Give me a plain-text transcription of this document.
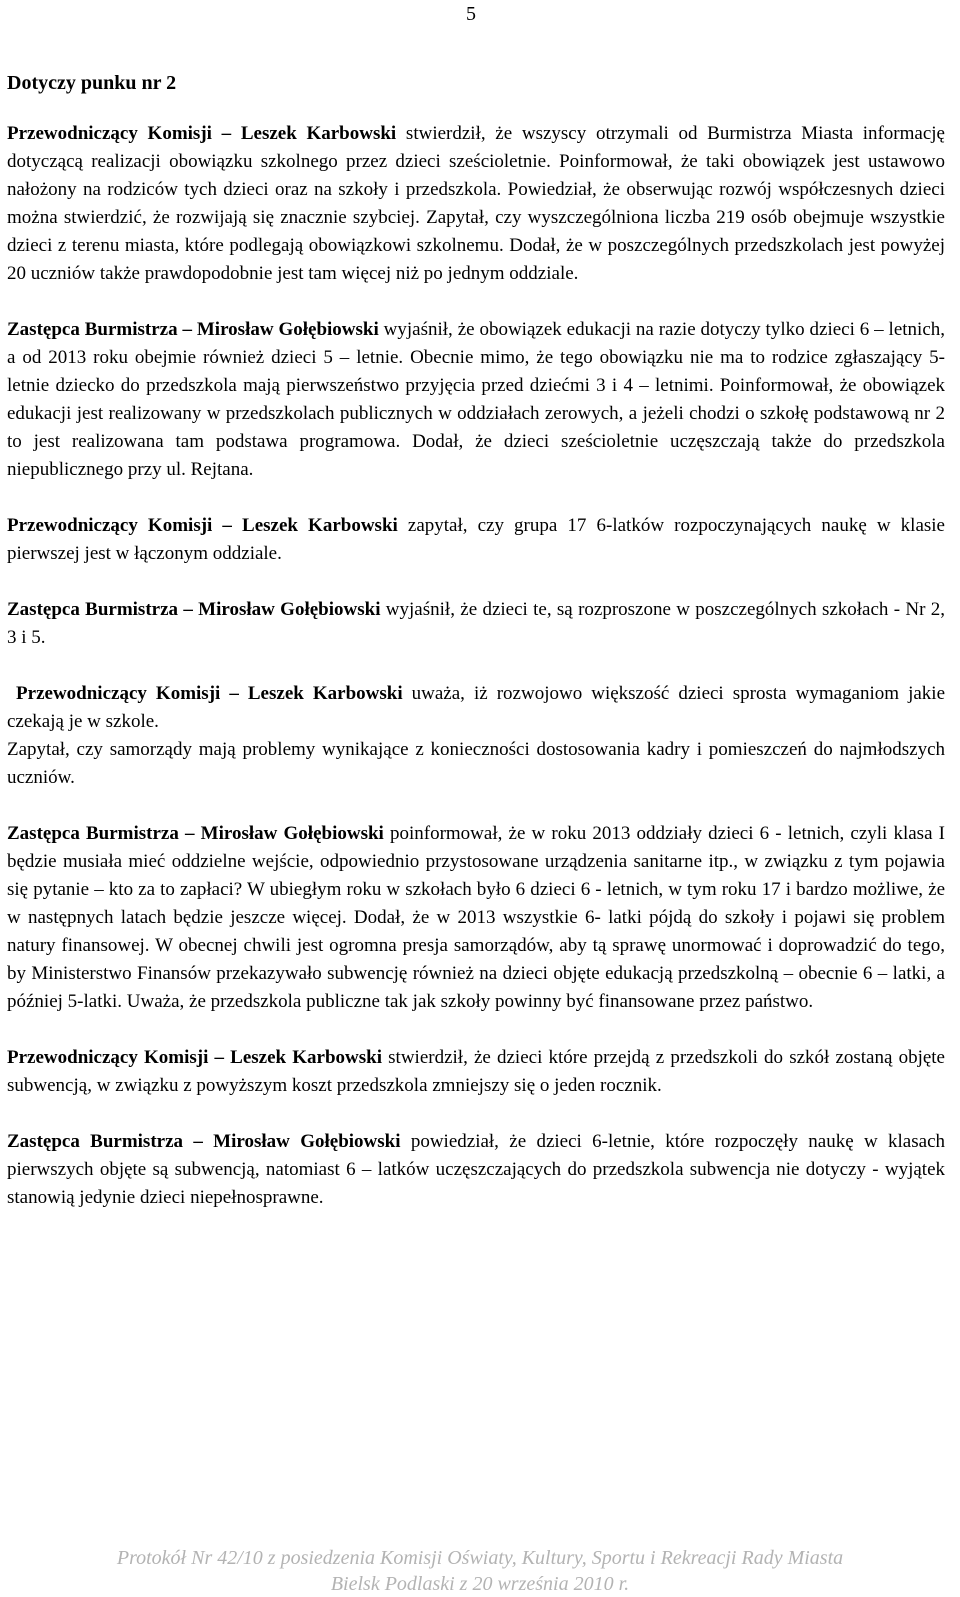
5
Dotyczy punku nr 2

Przewodniczący Komisji – Leszek Karbowski stwierdził, że wszyscy otrzymali od Burmistrza Miasta informację dotyczącą realizacji obowiązku szkolnego przez dzieci sześcioletnie. Poinformował, że taki obowiązek jest ustawowo nałożony na rodziców tych dzieci oraz na szkoły i przedszkola. Powiedział, że obserwując rozwój współczesnych dzieci można stwierdzić, że rozwijają się znacznie szybciej. Zapytał, czy wyszczególniona liczba 219 osób obejmuje wszystkie dzieci z terenu miasta, które podlegają obowiązkowi szkolnemu. Dodał, że w poszczególnych przedszkolach jest powyżej 20 uczniów także prawdopodobnie jest tam więcej niż po jednym oddziale.

Zastępca Burmistrza – Mirosław Gołębiowski wyjaśnił, że obowiązek edukacji na razie dotyczy tylko dzieci 6 – letnich, a od 2013 roku obejmie również dzieci 5 – letnie. Obecnie mimo, że tego obowiązku nie ma to rodzice zgłaszający 5- letnie dziecko do przedszkola mają pierwszeństwo przyjęcia przed dziećmi 3 i 4 – letnimi. Poinformował, że obowiązek edukacji jest realizowany w przedszkolach publicznych w oddziałach zerowych, a jeżeli chodzi o szkołę podstawową nr 2 to jest realizowana tam podstawa programowa. Dodał, że dzieci sześcioletnie uczęszczają także do przedszkola niepublicznego przy ul. Rejtana.

Przewodniczący Komisji – Leszek Karbowski zapytał, czy grupa 17 6-latków rozpoczynających naukę w klasie pierwszej jest w łączonym oddziale.

Zastępca Burmistrza – Mirosław Gołębiowski wyjaśnił, że dzieci te, są rozproszone w poszczególnych szkołach - Nr 2, 3 i 5.

Przewodniczący Komisji – Leszek Karbowski uważa, iż rozwojowo większość dzieci sprosta wymaganiom jakie czekają je w szkole.

Zapytał, czy samorządy mają problemy wynikające z konieczności dostosowania kadry i pomieszczeń do najmłodszych uczniów.

Zastępca Burmistrza – Mirosław Gołębiowski poinformował, że w roku 2013 oddziały dzieci 6 - letnich, czyli klasa I będzie musiała mieć oddzielne wejście, odpowiednio przystosowane urządzenia sanitarne itp., w związku z tym pojawia się pytanie – kto za to zapłaci? W ubiegłym roku w szkołach było 6 dzieci 6 - letnich, w tym roku 17 i bardzo możliwe, że w następnych latach będzie jeszcze więcej. Dodał, że w 2013 wszystkie 6- latki pójdą do szkoły i pojawi się problem natury finansowej. W obecnej chwili jest ogromna presja samorządów, aby tą sprawę unormować i doprowadzić do tego, by Ministerstwo Finansów przekazywało subwencję również na dzieci objęte edukacją przedszkolną – obecnie 6 – latki, a później 5-latki. Uważa, że przedszkola publiczne tak jak szkoły powinny być finansowane przez państwo.

Przewodniczący Komisji – Leszek Karbowski stwierdził, że dzieci które przejdą z przedszkoli do szkół zostaną objęte subwencją, w związku z powyższym koszt przedszkola zmniejszy się o jeden rocznik.

Zastępca Burmistrza – Mirosław Gołębiowski powiedział, że dzieci 6-letnie, które rozpoczęły naukę w klasach pierwszych objęte są subwencją, natomiast 6 – latków uczęszczających do przedszkola subwencja nie dotyczy - wyjątek stanowią jedynie dzieci niepełnosprawne.

Protokół Nr 42/10 z posiedzenia Komisji Oświaty, Kultury, Sportu i Rekreacji Rady Miasta
Bielsk Podlaski z 20 września 2010 r.
